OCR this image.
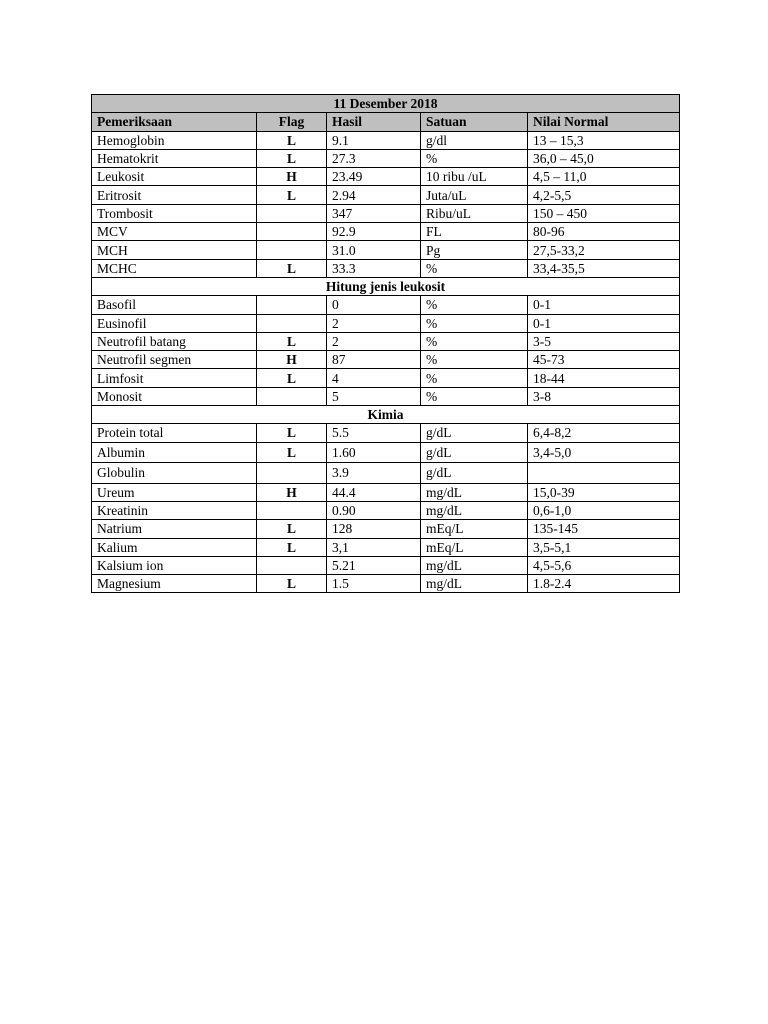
11 Desember 2018				
Pemeriksaan	Flag	Hasil	Satuan	Nilai Normal
Hemoglobin	L	9.1	g/dl	13 – 15,3
Hematokrit	L	27.3	%	36,0 – 45,0
Leukosit	H	23.49	10 ribu /uL	4,5 – 11,0
Eritrosit	L	2.94	Juta/uL	4,2-5,5
Trombosit		347	Ribu/uL	150 – 450
MCV		92.9	FL	80-96
MCH		31.0	Pg	27,5-33,2
MCHC	L	33.3	%	33,4-35,5
Hitung jenis leukosit				
Basofil		0	%	0-1
Eusinofil		2	%	0-1
Neutrofil batang	L	2	%	3-5
Neutrofil segmen	H	87	%	45-73
Limfosit	L	4	%	18-44
Monosit		5	%	3-8
Kimia				
Protein total	L	5.5	g/dL	6,4-8,2
Albumin	L	1.60	g/dL	3,4-5,0
Globulin		3.9	g/dL	
Ureum	H	44.4	mg/dL	15,0-39
Kreatinin		0.90	mg/dL	0,6-1,0
Natrium	L	128	mEq/L	135-145
Kalium	L	3,1	mEq/L	3,5-5,1
Kalsium ion		5.21	mg/dL	4,5-5,6
Magnesium	L	1.5	mg/dL	1.8-2.4
